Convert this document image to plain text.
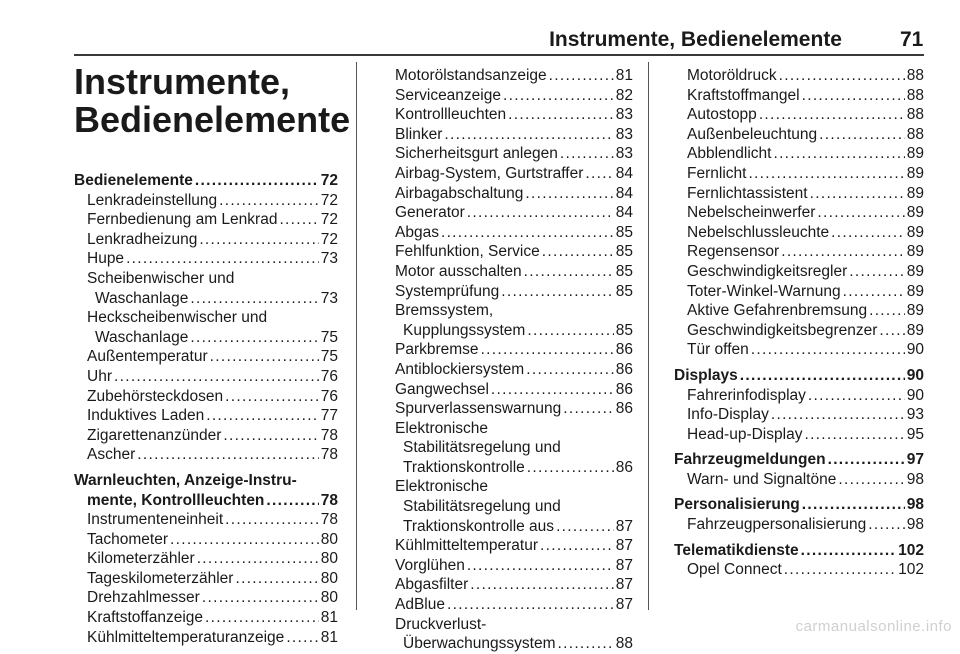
Instrumente, Bedienelemente	71
Instrumente, Bedienelemente
Bedienelemente . . .	72
Lenkradeinstellung . . .	72
Fernbedienung am Lenkrad . . .	72
Lenkradheizung . . .	72
Hupe . . .	73
Scheibenwischer und
Waschanlage . . .	73
Heckscheibenwischer und
Waschanlage . . .	75
Außentemperatur . . .	75
Uhr . . .	76
Zubehörsteckdosen . . .	76
Induktives Laden . . .	77
Zigarettenanzünder . . .	78
Ascher . . .	78
Warnleuchten, Anzeige-Instru-
mente, Kontrollleuchten . . .	78
Instrumenteneinheit . . .	78
Tachometer . . .	80
Kilometerzähler . . .	80
Tageskilometerzähler . . .	80
Drehzahlmesser . . .	80
Kraftstoffanzeige . . .	81
Kühlmitteltemperaturanzeige . . . 81
Motorölstandsanzeige . . .	81
Serviceanzeige . . .	82
Kontrollleuchten . . .	83
Blinker . . .	83
Sicherheitsgurt anlegen . . .	83
Airbag-System, Gurtstraffer . . . 84
Airbagabschaltung . . .	84
Generator . . .	84
Abgas . . .	85
Fehlfunktion, Service . . .	85
Motor ausschalten . . .	85
Systemprüfung . . .	85
Bremssystem,
Kupplungssystem . . .	85
Parkbremse . . .	86
Antiblockiersystem . . .	86
Gangwechsel . . .	86
Spurverlassenswarnung . . .	86
Elektronische
Stabilitätsregelung und
Traktionskontrolle . . .	86
Elektronische
Stabilitätsregelung und
Traktionskontrolle aus . . .	87
Kühlmitteltemperatur . . .	87
Vorglühen . . .	87
Abgasfilter . . .	87
AdBlue . . .	87
Druckverlust-
Überwachungssystem . . .	88
Motoröldruck . . .	88
Kraftstoffmangel . . .	88
Autostopp . . .	88
Außenbeleuchtung . . .	88
Abblendlicht . . .	89
Fernlicht . . .	89
Fernlichtassistent . . .	89
Nebelscheinwerfer . . .	89
Nebelschlussleuchte . . .	89
Regensensor . . .	89
Geschwindigkeitsregler . . .	89
Toter-Winkel-Warnung . . .	89
Aktive Gefahrenbremsung . . .	89
Geschwindigkeitsbegrenzer . . . 89
Tür offen . . .	90
Displays . . .	90
Fahrerinfodisplay . . .	90
Info-Display . . .	93
Head-up-Display . . .	95
Fahrzeugmeldungen . . .	97
Warn- und Signaltöne . . .	98
Personalisierung . . .	98
Fahrzeugpersonalisierung . . .	98
Telematikdienste . . .	102
Opel Connect . . .	102
carmanualsonline.info
